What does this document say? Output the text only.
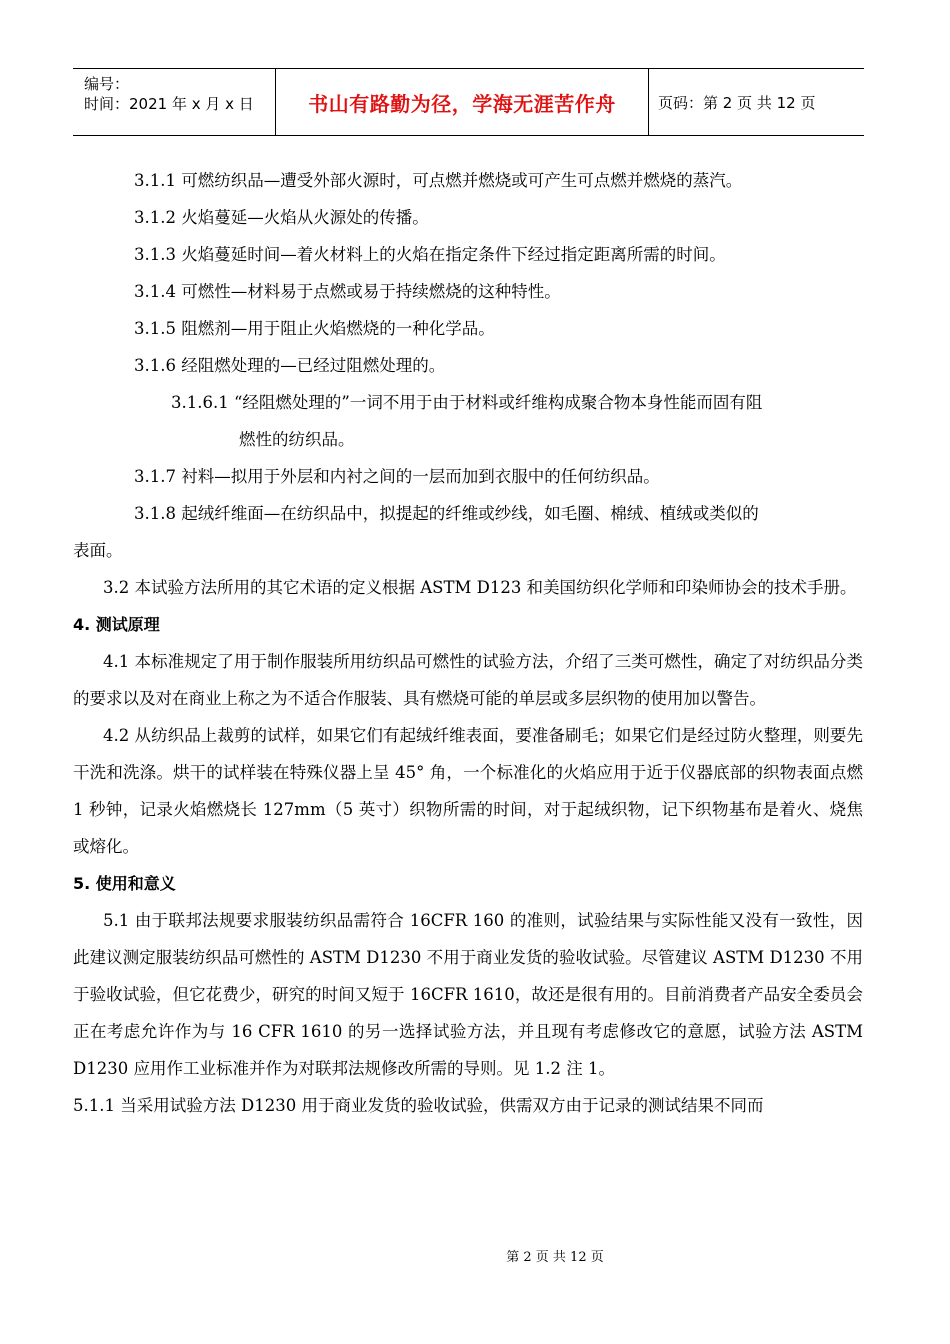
编号：
时间：2021 年 x 月 x 日	书山有路勤为径，学海无涯苦作舟	页码：第 2 页 共 12 页

3.1.1 可燃纺织品—遭受外部火源时，可点燃并燃烧或可产生可点燃并燃烧的蒸汽。

3.1.2 火焰蔓延—火焰从火源处的传播。

3.1.3 火焰蔓延时间—着火材料上的火焰在指定条件下经过指定距离所需的时间。

3.1.4 可燃性—材料易于点燃或易于持续燃烧的这种特性。

3.1.5 阻燃剂—用于阻止火焰燃烧的一种化学品。

3.1.6 经阻燃处理的—已经过阻燃处理的。

3.1.6.1 “经阻燃处理的”一词不用于由于材料或纤维构成聚合物本身性能而固有阻

燃性的纺织品。

3.1.7 衬料—拟用于外层和内衬之间的一层而加到衣服中的任何纺织品。

3.1.8 起绒纤维面—在纺织品中，拟提起的纤维或纱线，如毛圈、棉绒、植绒或类似的

表面。

3.2 本试验方法所用的其它术语的定义根据 ASTM D123 和美国纺织化学师和印染师协会的技术手册。

4. 测试原理

4.1 本标准规定了用于制作服装所用纺织品可燃性的试验方法，介绍了三类可燃性，确定了对纺织品分类的要求以及对在商业上称之为不适合作服装、具有燃烧可能的单层或多层织物的使用加以警告。

4.2 从纺织品上裁剪的试样，如果它们有起绒纤维表面，要准备刷毛；如果它们是经过防火整理，则要先干洗和洗涤。烘干的试样装在特殊仪器上呈 45° 角，一个标准化的火焰应用于近于仪器底部的织物表面点燃 1 秒钟，记录火焰燃烧长 127mm（5 英寸）织物所需的时间，对于起绒织物，记下织物基布是着火、烧焦或熔化。

5. 使用和意义

5.1 由于联邦法规要求服装纺织品需符合 16CFR 160 的准则，试验结果与实际性能又没有一致性，因此建议测定服装纺织品可燃性的 ASTM D1230 不用于商业发货的验收试验。尽管建议 ASTM D1230 不用于验收试验，但它花费少，研究的时间又短于 16CFR 1610，故还是很有用的。目前消费者产品安全委员会正在考虑允许作为与 16 CFR 1610 的另一选择试验方法，并且现有考虑修改它的意愿，试验方法 ASTM D1230 应用作工业标准并作为对联邦法规修改所需的导则。见 1.2 注 1。

5.1.1 当采用试验方法 D1230 用于商业发货的验收试验，供需双方由于记录的测试结果不同而

第 2 页 共 12 页
